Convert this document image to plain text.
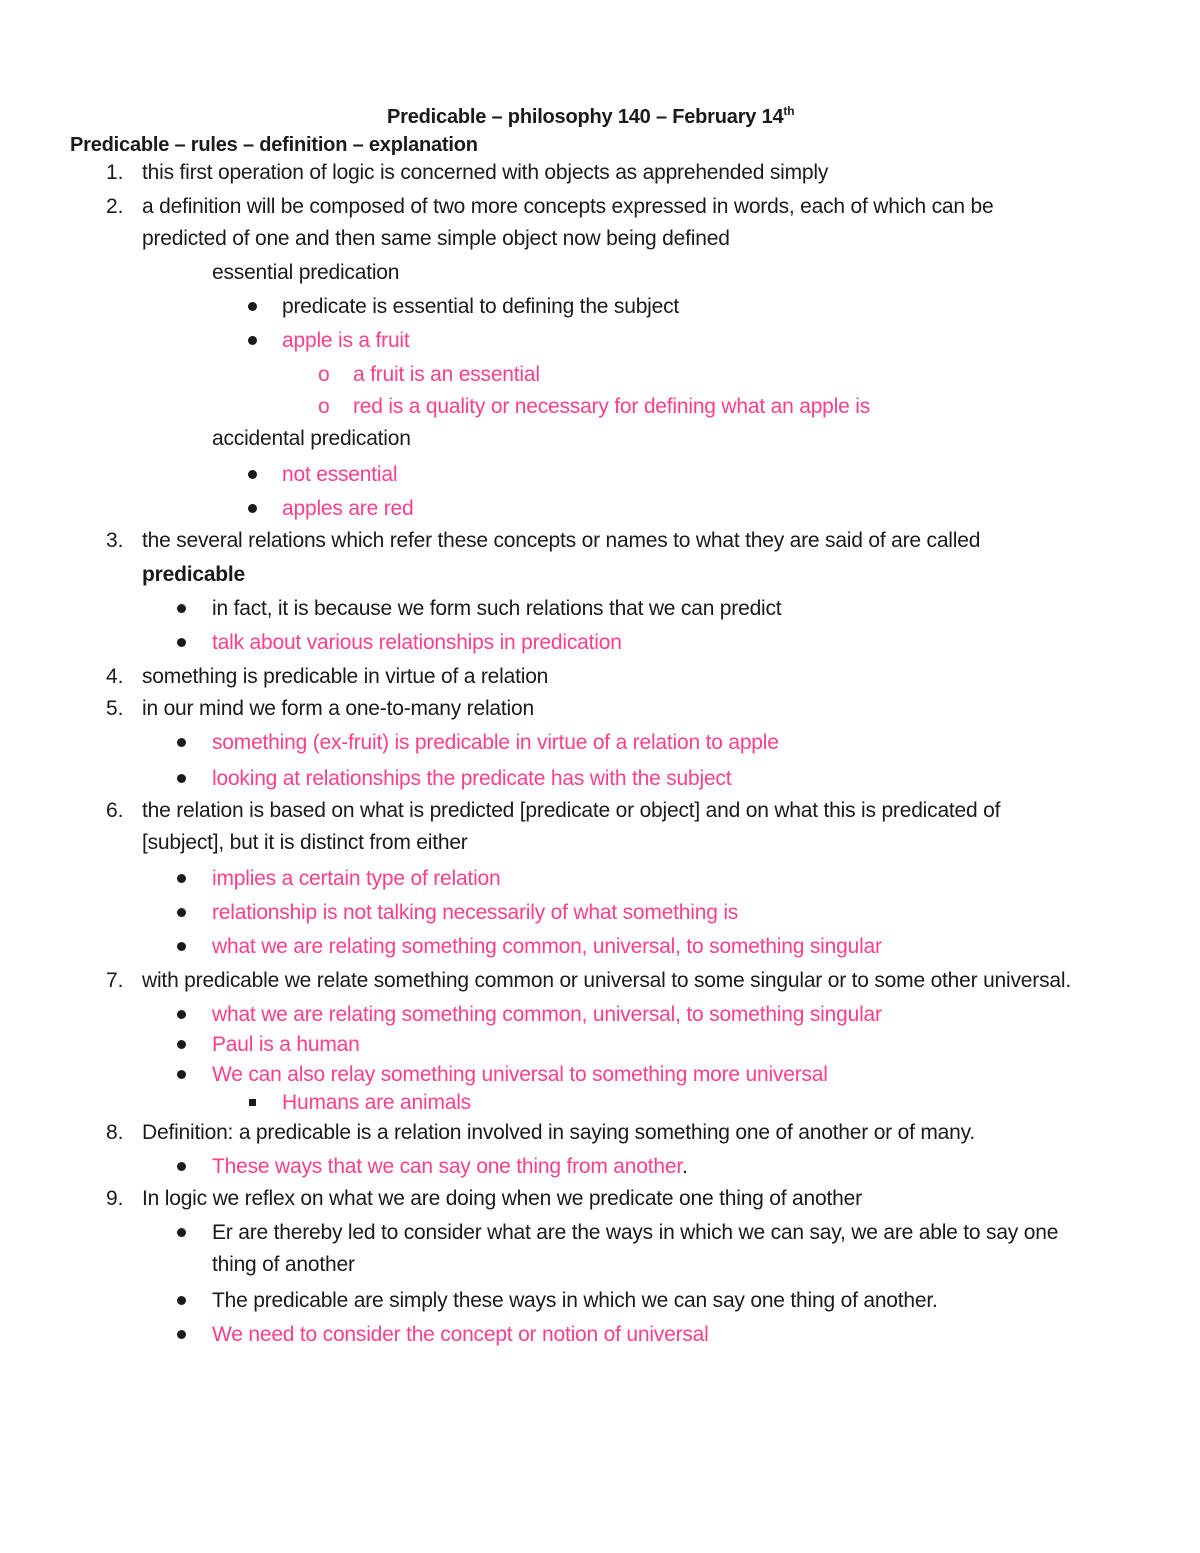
Predicable – philosophy 140 – February 14th
Predicable – rules – definition – explanation
1. this first operation of logic is concerned with objects as apprehended simply
2. a definition will be composed of two more concepts expressed in words, each of which can be
predicted of one and then same simple object now being defined
essential predication
predicate is essential to defining the subject
apple is a fruit
o a fruit is an essential
o red is a quality or necessary for defining what an apple is
accidental predication
not essential
apples are red
3. the several relations which refer these concepts or names to what they are said of are called
predicable
in fact, it is because we form such relations that we can predict
talk about various relationships in predication
4. something is predicable in virtue of a relation
5. in our mind we form a one-to-many relation
something (ex-fruit) is predicable in virtue of a relation to apple
looking at relationships the predicate has with the subject
6. the relation is based on what is predicted [predicate or object] and on what this is predicated of
[subject], but it is distinct from either
implies a certain type of relation
relationship is not talking necessarily of what something is
what we are relating something common, universal, to something singular
7. with predicable we relate something common or universal to some singular or to some other universal.
what we are relating something common, universal, to something singular
Paul is a human
We can also relay something universal to something more universal
Humans are animals
8. Definition: a predicable is a relation involved in saying something one of another or of many.
These ways that we can say one thing from another.
9. In logic we reflex on what we are doing when we predicate one thing of another
Er are thereby led to consider what are the ways in which we can say, we are able to say one
thing of another
The predicable are simply these ways in which we can say one thing of another.
We need to consider the concept or notion of universal
